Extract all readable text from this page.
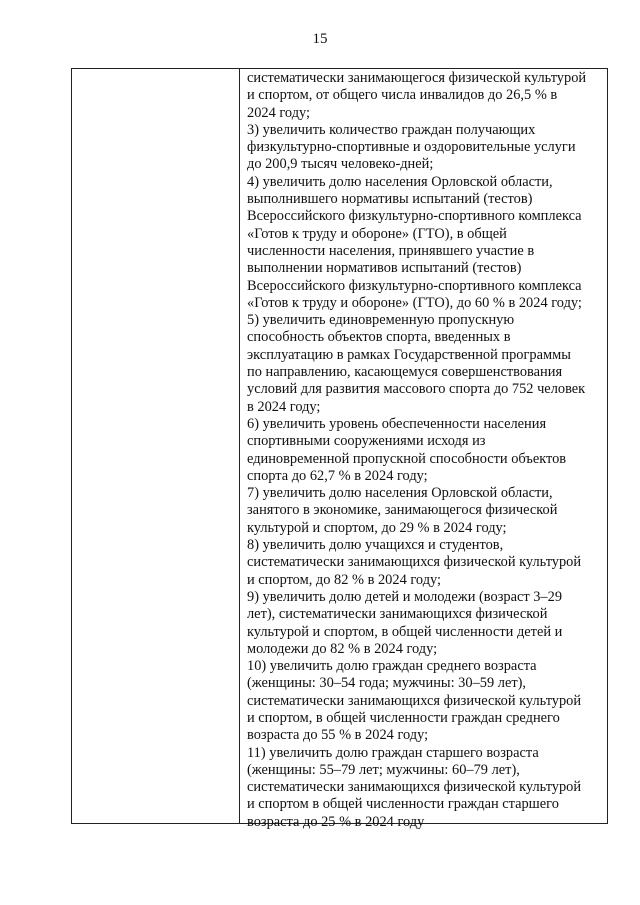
15
систематически занимающегося физической культурой
и спортом, от общего числа инвалидов до 26,5 % в
2024 году;
3) увеличить количество граждан получающих
физкультурно-спортивные и оздоровительные услуги
до 200,9 тысяч человеко-дней;
4) увеличить долю населения Орловской области,
выполнившего нормативы испытаний (тестов)
Всероссийского физкультурно-спортивного комплекса
«Готов к труду и обороне» (ГТО), в общей
численности населения, принявшего участие в
выполнении нормативов испытаний (тестов)
Всероссийского физкультурно-спортивного комплекса
«Готов к труду и обороне» (ГТО), до 60 % в 2024 году;
5) увеличить единовременную пропускную
способность объектов спорта, введенных в
эксплуатацию в рамках Государственной программы
по направлению, касающемуся совершенствования
условий для развития массового спорта до 752 человек
в 2024 году;
6) увеличить уровень обеспеченности населения
спортивными сооружениями исходя из
единовременной пропускной способности объектов
спорта до 62,7 % в 2024 году;
7) увеличить долю населения Орловской области,
занятого в экономике, занимающегося физической
культурой и спортом, до 29 % в 2024 году;
8) увеличить долю учащихся и студентов,
систематически занимающихся физической культурой
и спортом, до 82 % в 2024 году;
9) увеличить долю детей и молодежи (возраст 3–29
лет), систематически занимающихся физической
культурой и спортом, в общей численности детей и
молодежи до 82 % в 2024 году;
10) увеличить долю граждан среднего возраста
(женщины: 30–54 года; мужчины: 30–59 лет),
систематически занимающихся физической культурой
и спортом, в общей численности граждан среднего
возраста до 55 % в 2024 году;
11) увеличить долю граждан старшего возраста
(женщины: 55–79 лет; мужчины: 60–79 лет),
систематически занимающихся физической культурой
и спортом в общей численности граждан старшего
возраста до 25 % в 2024 году
